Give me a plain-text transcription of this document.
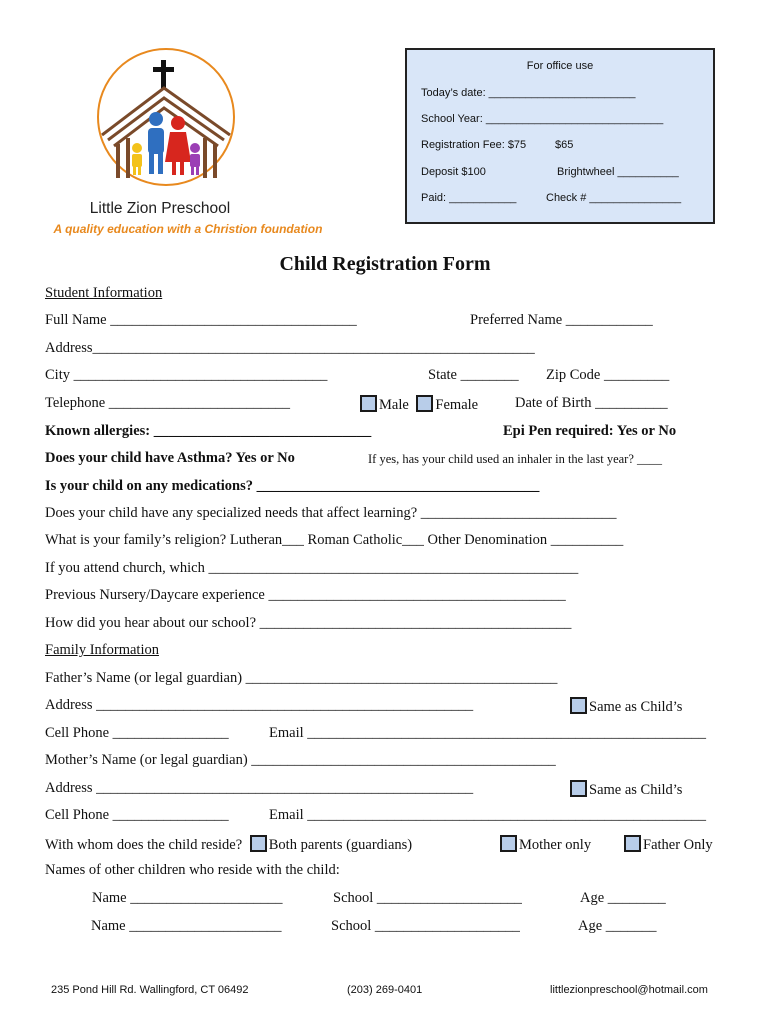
Little Zion Preschool
A quality education with a Christion foundation
For office use
Today’s date: ________________________
School Year: _____________________________
Registration Fee: $75	$65
Deposit $100	Brightwheel __________
Paid: ___________	Check # _______________
Child Registration Form
Student Information
Full Name __________________________________	Preferred Name ____________
Address_____________________________________________________________
City ___________________________________	State ________ Zip Code _________
Telephone _________________________	Male Female	Date of Birth __________
Known allergies: ______________________________	Epi Pen required: Yes or No
Does your child have Asthma? Yes or No	If yes, has your child used an inhaler in the last year? ____
Is your child on any medications? _______________________________________
Does your child have any specialized needs that affect learning? ___________________________
What is your family’s religion? Lutheran___ Roman Catholic___ Other Denomination __________
If you attend church, which ___________________________________________________
Previous Nursery/Daycare experience _________________________________________
How did you hear about our school? ___________________________________________
Family Information
Father’s Name (or legal guardian) ___________________________________________
Address ____________________________________________________	Same as Child’s
Cell Phone ________________	Email _______________________________________________________
Mother’s Name (or legal guardian) __________________________________________
Address ____________________________________________________	Same as Child’s
Cell Phone ________________	Email _______________________________________________________
With whom does the child reside? Both parents (guardians)	Mother only	Father Only
Names of other children who reside with the child:
Name _____________________	School ____________________	Age ________
Name _____________________	School ____________________	Age _______
235 Pond Hill Rd. Wallingford, CT 06492	(203) 269-0401	littlezionpreschool@hotmail.com
